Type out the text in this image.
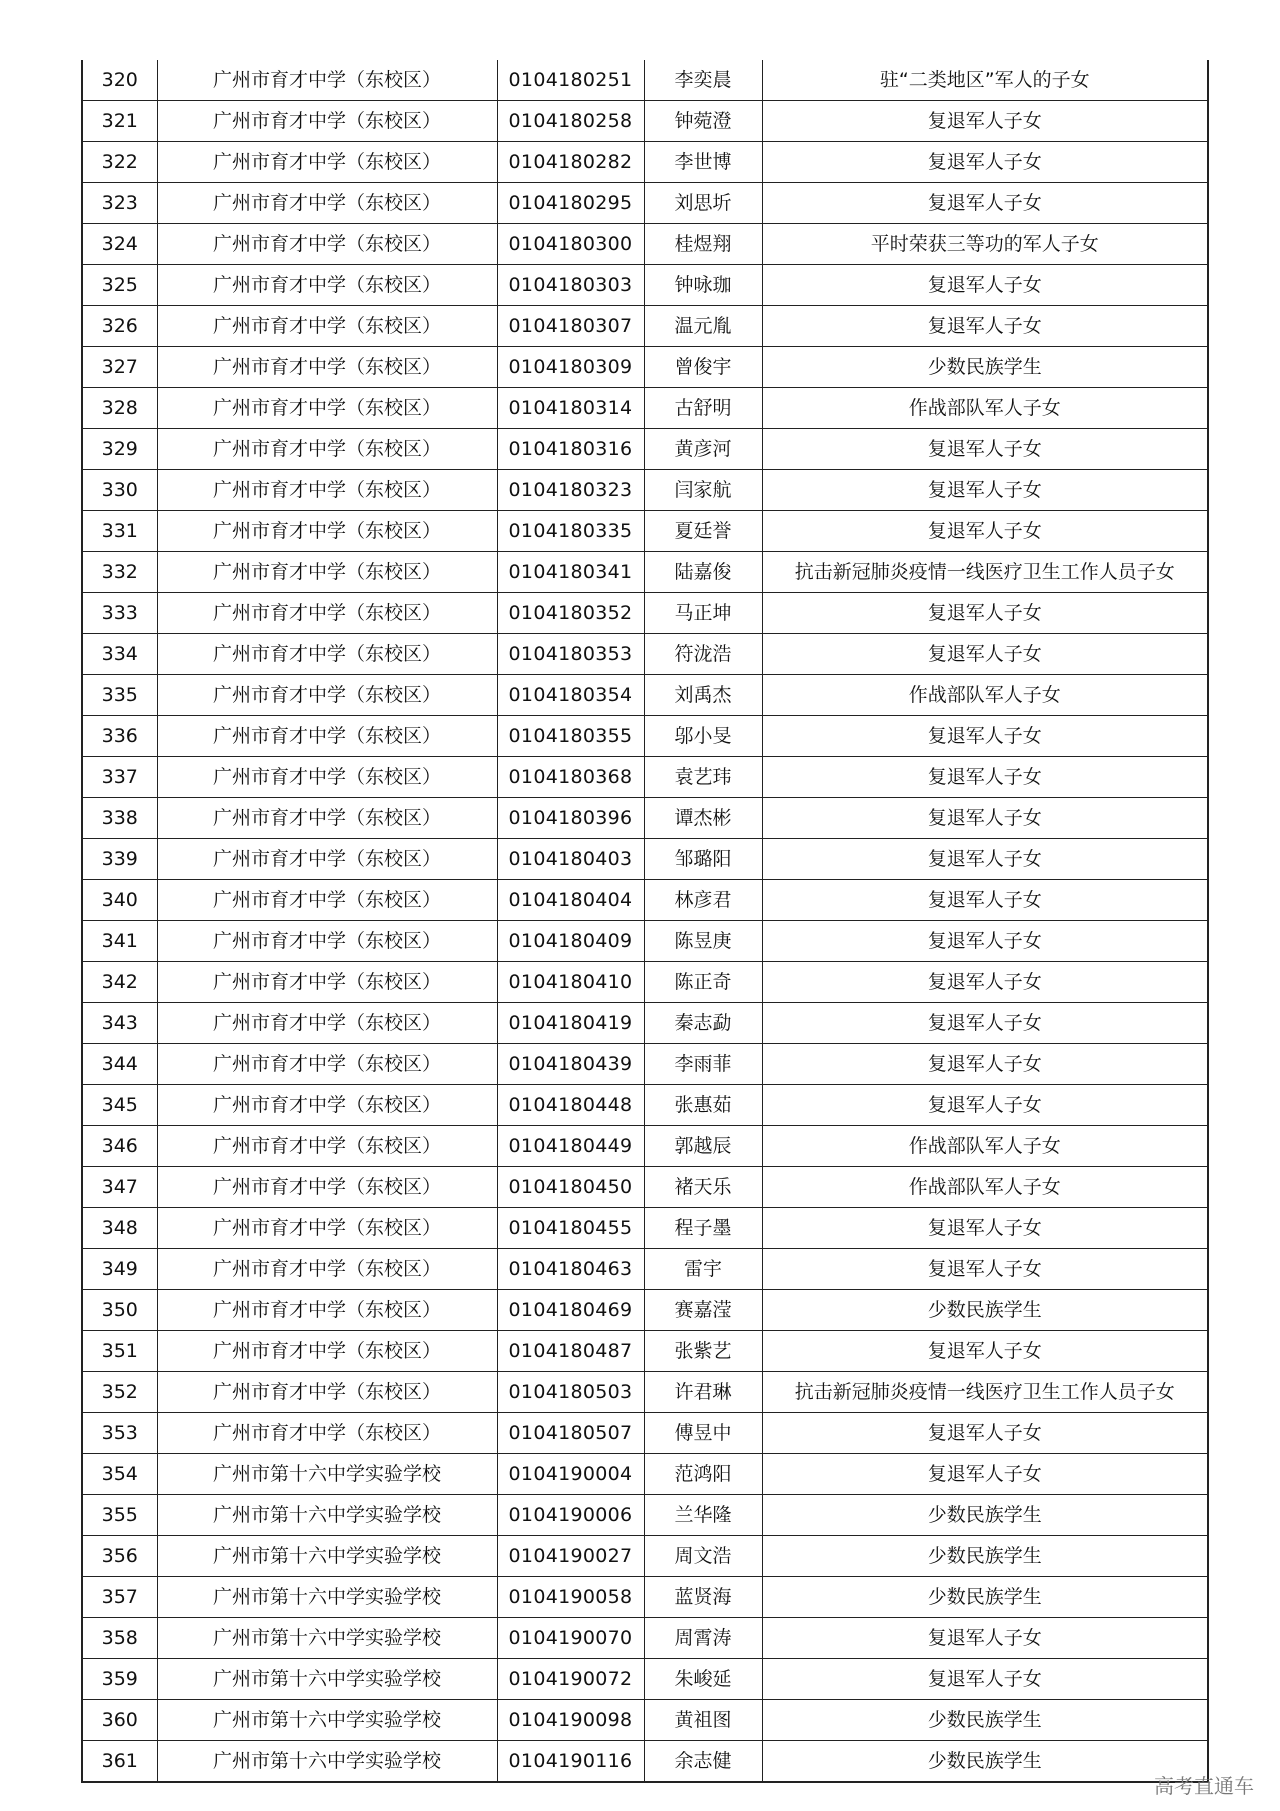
320	广州市育才中学（东校区）	0104180251	李奕晨	驻“二类地区”军人的子女
321	广州市育才中学（东校区）	0104180258	钟菀澄	复退军人子女
322	广州市育才中学（东校区）	0104180282	李世博	复退军人子女
323	广州市育才中学（东校区）	0104180295	刘思圻	复退军人子女
324	广州市育才中学（东校区）	0104180300	桂煜翔	平时荣获三等功的军人子女
325	广州市育才中学（东校区）	0104180303	钟咏珈	复退军人子女
326	广州市育才中学（东校区）	0104180307	温元胤	复退军人子女
327	广州市育才中学（东校区）	0104180309	曾俊宇	少数民族学生
328	广州市育才中学（东校区）	0104180314	古舒明	作战部队军人子女
329	广州市育才中学（东校区）	0104180316	黄彦河	复退军人子女
330	广州市育才中学（东校区）	0104180323	闫家航	复退军人子女
331	广州市育才中学（东校区）	0104180335	夏廷誉	复退军人子女
332	广州市育才中学（东校区）	0104180341	陆嘉俊	抗击新冠肺炎疫情一线医疗卫生工作人员子女
333	广州市育才中学（东校区）	0104180352	马正坤	复退军人子女
334	广州市育才中学（东校区）	0104180353	符泷浩	复退军人子女
335	广州市育才中学（东校区）	0104180354	刘禹杰	作战部队军人子女
336	广州市育才中学（东校区）	0104180355	邬小旻	复退军人子女
337	广州市育才中学（东校区）	0104180368	袁艺玮	复退军人子女
338	广州市育才中学（东校区）	0104180396	谭杰彬	复退军人子女
339	广州市育才中学（东校区）	0104180403	邹璐阳	复退军人子女
340	广州市育才中学（东校区）	0104180404	林彦君	复退军人子女
341	广州市育才中学（东校区）	0104180409	陈昱庚	复退军人子女
342	广州市育才中学（东校区）	0104180410	陈正奇	复退军人子女
343	广州市育才中学（东校区）	0104180419	秦志勐	复退军人子女
344	广州市育才中学（东校区）	0104180439	李雨菲	复退军人子女
345	广州市育才中学（东校区）	0104180448	张惠茹	复退军人子女
346	广州市育才中学（东校区）	0104180449	郭越辰	作战部队军人子女
347	广州市育才中学（东校区）	0104180450	褚天乐	作战部队军人子女
348	广州市育才中学（东校区）	0104180455	程子墨	复退军人子女
349	广州市育才中学（东校区）	0104180463	雷宇	复退军人子女
350	广州市育才中学（东校区）	0104180469	赛嘉滢	少数民族学生
351	广州市育才中学（东校区）	0104180487	张紫艺	复退军人子女
352	广州市育才中学（东校区）	0104180503	许君琳	抗击新冠肺炎疫情一线医疗卫生工作人员子女
353	广州市育才中学（东校区）	0104180507	傅昱中	复退军人子女
354	广州市第十六中学实验学校	0104190004	范鸿阳	复退军人子女
355	广州市第十六中学实验学校	0104190006	兰华隆	少数民族学生
356	广州市第十六中学实验学校	0104190027	周文浩	少数民族学生
357	广州市第十六中学实验学校	0104190058	蓝贤海	少数民族学生
358	广州市第十六中学实验学校	0104190070	周霄涛	复退军人子女
359	广州市第十六中学实验学校	0104190072	朱峻延	复退军人子女
360	广州市第十六中学实验学校	0104190098	黄祖图	少数民族学生
361	广州市第十六中学实验学校	0104190116	余志健	少数民族学生
高考直通车
